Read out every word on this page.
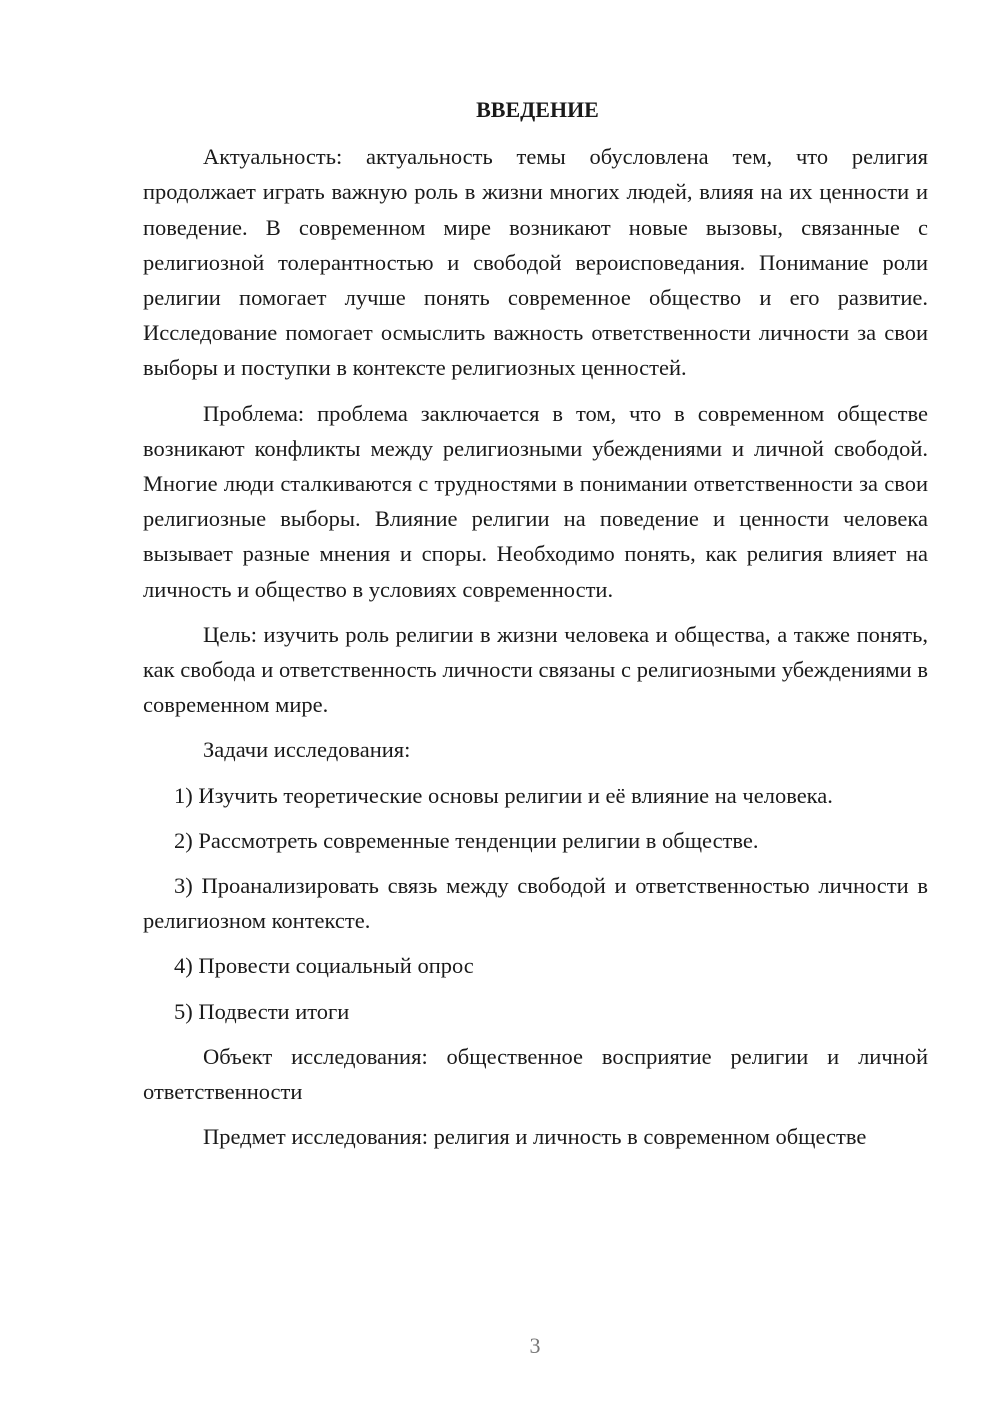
ВВЕДЕНИЕ

Актуальность: актуальность темы обусловлена тем, что религия продолжает играть важную роль в жизни многих людей, влияя на их ценности и поведение. В современном мире возникают новые вызовы, связанные с религиозной толерантностью и свободой вероисповедания. Понимание роли религии помогает лучше понять современное общество и его развитие. Исследование помогает осмыслить важность ответственности личности за свои выборы и поступки в контексте религиозных ценностей.

Проблема: проблема заключается в том, что в современном обществе возникают конфликты между религиозными убеждениями и личной свободой. Многие люди сталкиваются с трудностями в понимании ответственности за свои религиозные выборы. Влияние религии на поведение и ценности человека вызывает разные мнения и споры. Необходимо понять, как религия влияет на личность и общество в условиях современности.

Цель: изучить роль религии в жизни человека и общества, а также понять, как свобода и ответственность личности связаны с религиозными убеждениями в современном мире.

Задачи исследования:

1) Изучить теоретические основы религии и её влияние на человека.

2) Рассмотреть современные тенденции религии в обществе.

3) Проанализировать связь между свободой и ответственностью личности в религиозном контексте.

4) Провести социальный опрос

5) Подвести итоги

Объект исследования: общественное восприятие религии и личной ответственности

Предмет исследования: религия и личность в современном обществе

3
